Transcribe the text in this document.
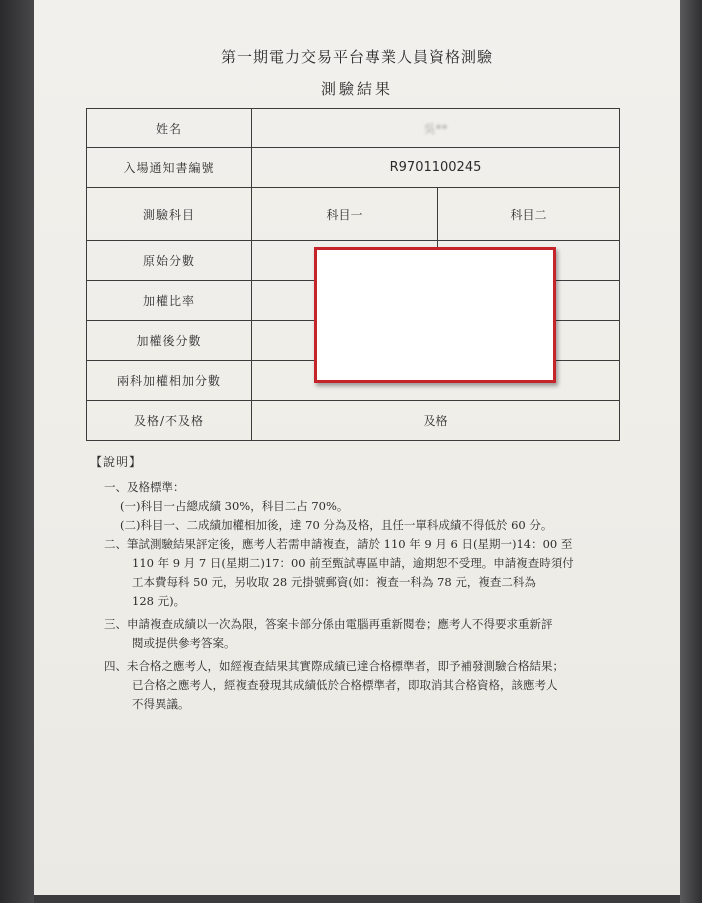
第一期電力交易平台專業人員資格測驗
測驗結果
姓名	吳**	
入場通知書編號	R9701100245	
測驗科目	科目一	科目二
原始分數		
加權比率		
加權後分數		
兩科加權相加分數		
及格/不及格	及格	
【說明】
一、及格標準：
(一)科目一占總成績 30%，科目二占 70%。
(二)科目一、二成績加權相加後，達 70 分為及格，且任一單科成績不得低於 60 分。
二、筆試測驗結果評定後，應考人若需申請複查，請於 110 年 9 月 6 日(星期一)14：00 至
110 年 9 月 7 日(星期二)17：00 前至甄試專區申請，逾期恕不受理。申請複查時須付
工本費每科 50 元，另收取 28 元掛號郵資(如：複查一科為 78 元，複查二科為
128 元)。
三、申請複查成績以一次為限，答案卡部分係由電腦再重新閱卷；應考人不得要求重新評
閱或提供參考答案。
四、未合格之應考人，如經複查結果其實際成績已達合格標準者，即予補發測驗合格結果；
已合格之應考人，經複查發現其成績低於合格標準者，即取消其合格資格，該應考人
不得異議。
